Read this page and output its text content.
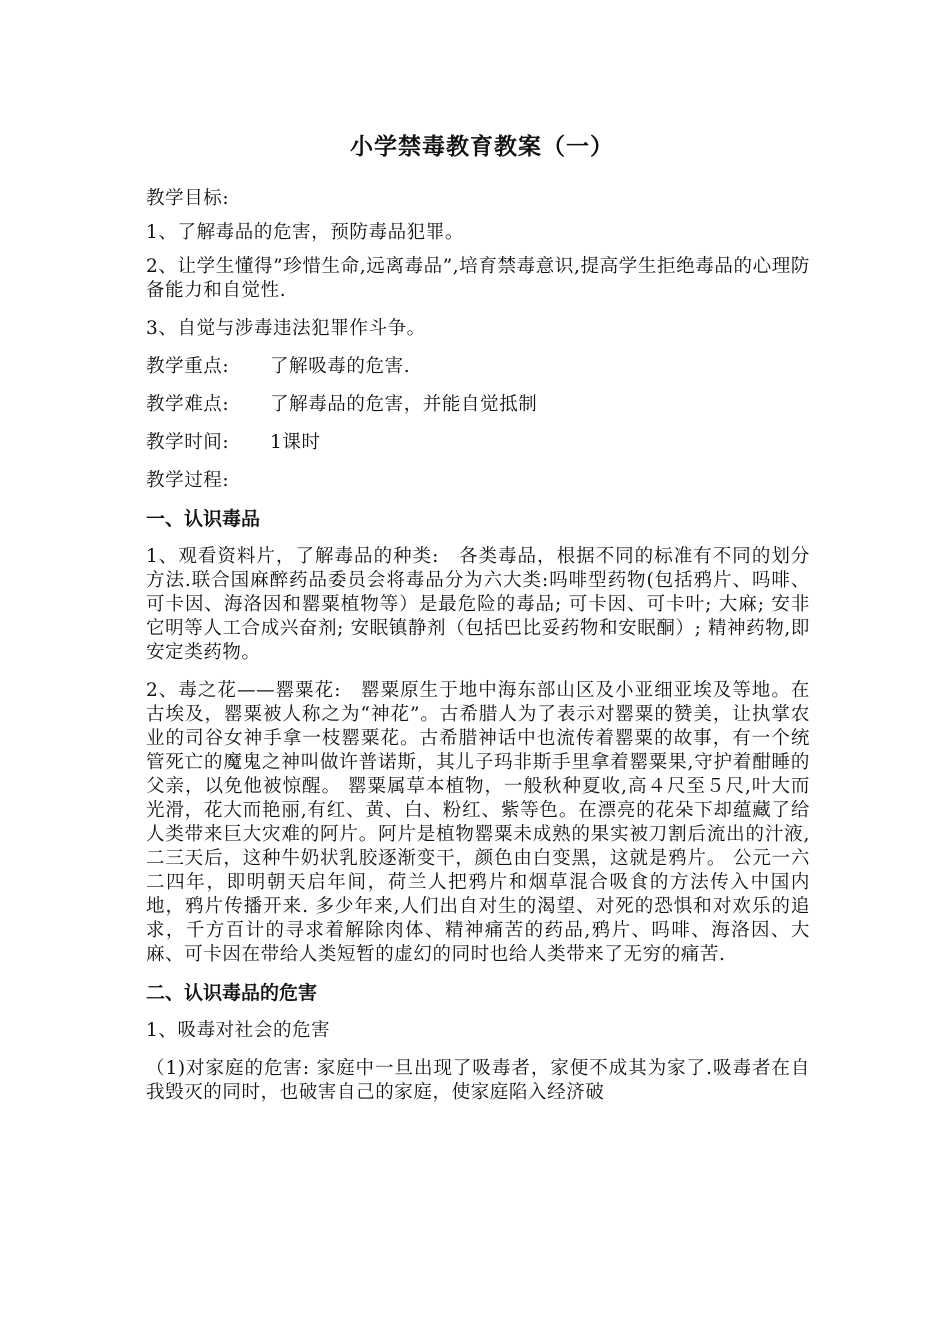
小学禁毒教育教案（一）

教学目标:

1、了解毒品的危害，预防毒品犯罪。

2、让学生懂得”珍惜生命,远离毒品”,培育禁毒意识,提高学生拒绝毒品的心理防备能力和自觉性.

3、自觉与涉毒违法犯罪作斗争。

教学重点: 了解吸毒的危害.

教学难点: 了解毒品的危害，并能自觉抵制

教学时间: 1课时

教学过程:

一、认识毒品

1、观看资料片，了解毒品的种类:　各类毒品，根据不同的标准有不同的划分方法.联合国麻醉药品委员会将毒品分为六大类:吗啡型药物(包括鸦片、吗啡、可卡因、海洛因和罂粟植物等）是最危险的毒品; 可卡因、可卡叶; 大麻; 安非它明等人工合成兴奋剂; 安眠镇静剂（包括巴比妥药物和安眠酮）; 精神药物,即安定类药物。

2、毒之花——罂粟花:　罂粟原生于地中海东部山区及小亚细亚埃及等地。在古埃及，罂粟被人称之为“神花”。古希腊人为了表示对罂粟的赞美，让执掌农业的司谷女神手拿一枝罂粟花。古希腊神话中也流传着罂粟的故事，有一个统管死亡的魔鬼之神叫做许普诺斯，其儿子玛非斯手里拿着罂粟果,守护着酣睡的父亲，以免他被惊醒。 罂粟属草本植物，一般秋种夏收,高４尺至５尺,叶大而光滑，花大而艳丽,有红、黄、白、粉红、紫等色。在漂亮的花朵下却蕴藏了给人类带来巨大灾难的阿片。阿片是植物罂粟未成熟的果实被刀割后流出的汁液,二三天后，这种牛奶状乳胶逐渐变干，颜色由白变黑，这就是鸦片。 公元一六二四年，即明朝天启年间，荷兰人把鸦片和烟草混合吸食的方法传入中国内地，鸦片传播开来. 多少年来,人们出自对生的渴望、对死的恐惧和对欢乐的追求，千方百计的寻求着解除肉体、精神痛苦的药品,鸦片、吗啡、海洛因、大麻、可卡因在带给人类短暂的虚幻的同时也给人类带来了无穷的痛苦.

二、认识毒品的危害

1、吸毒对社会的危害

（1)对家庭的危害: 家庭中一旦出现了吸毒者，家便不成其为家了.吸毒者在自我毁灭的同时，也破害自己的家庭，使家庭陷入经济破
